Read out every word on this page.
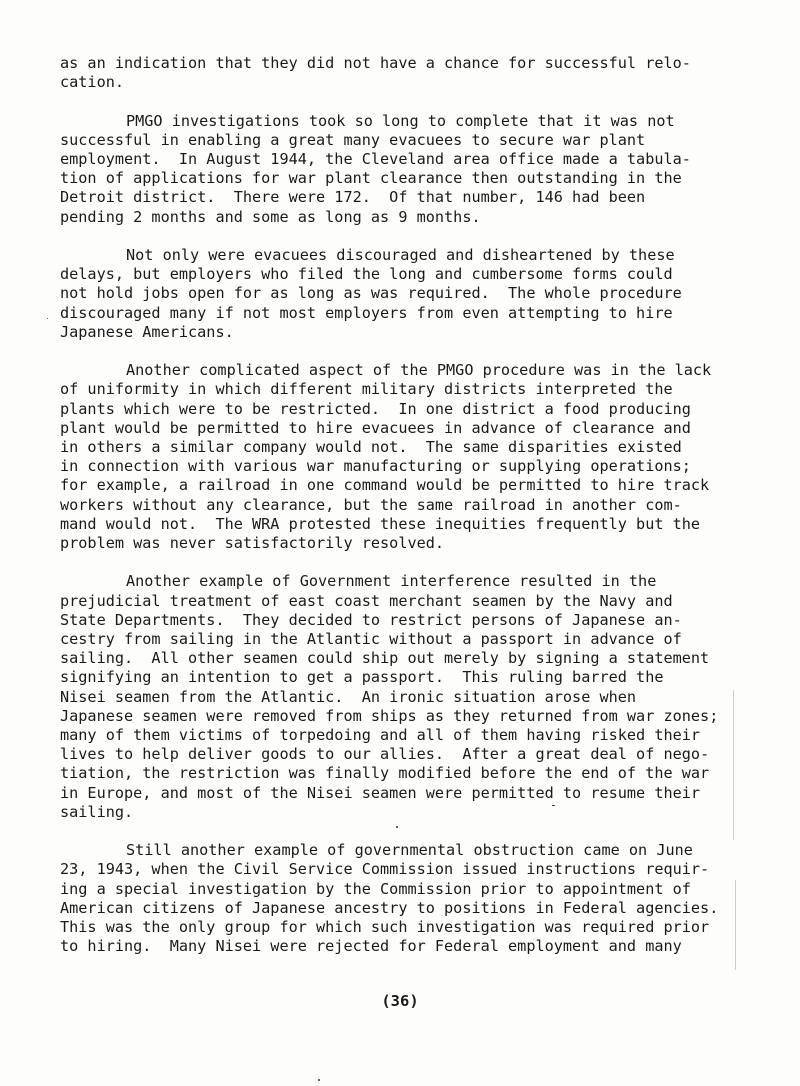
as an indication that they did not have a chance for successful relo-
cation.
PMGO investigations took so long to complete that it was not
successful in enabling a great many evacuees to secure war plant
employment.  In August 1944, the Cleveland area office made a tabula-
tion of applications for war plant clearance then outstanding in the
Detroit district.  There were 172.  Of that number, 146 had been
pending 2 months and some as long as 9 months.
Not only were evacuees discouraged and disheartened by these
delays, but employers who filed the long and cumbersome forms could
not hold jobs open for as long as was required.  The whole procedure
discouraged many if not most employers from even attempting to hire
Japanese Americans.
Another complicated aspect of the PMGO procedure was in the lack
of uniformity in which different military districts interpreted the
plants which were to be restricted.  In one district a food producing
plant would be permitted to hire evacuees in advance of clearance and
in others a similar company would not.  The same disparities existed
in connection with various war manufacturing or supplying operations;
for example, a railroad in one command would be permitted to hire track
workers without any clearance, but the same railroad in another com-
mand would not.  The WRA protested these inequities frequently but the
problem was never satisfactorily resolved.
Another example of Government interference resulted in the
prejudicial treatment of east coast merchant seamen by the Navy and
State Departments.  They decided to restrict persons of Japanese an-
cestry from sailing in the Atlantic without a passport in advance of
sailing.  All other seamen could ship out merely by signing a statement
signifying an intention to get a passport.  This ruling barred the
Nisei seamen from the Atlantic.  An ironic situation arose when
Japanese seamen were removed from ships as they returned from war zones;
many of them victims of torpedoing and all of them having risked their
lives to help deliver goods to our allies.  After a great deal of nego-
tiation, the restriction was finally modified before the end of the war
in Europe, and most of the Nisei seamen were permitted to resume their
sailing.
Still another example of governmental obstruction came on June
23, 1943, when the Civil Service Commission issued instructions requir-
ing a special investigation by the Commission prior to appointment of
American citizens of Japanese ancestry to positions in Federal agencies.
This was the only group for which such investigation was required prior
to hiring.  Many Nisei were rejected for Federal employment and many
(36)
